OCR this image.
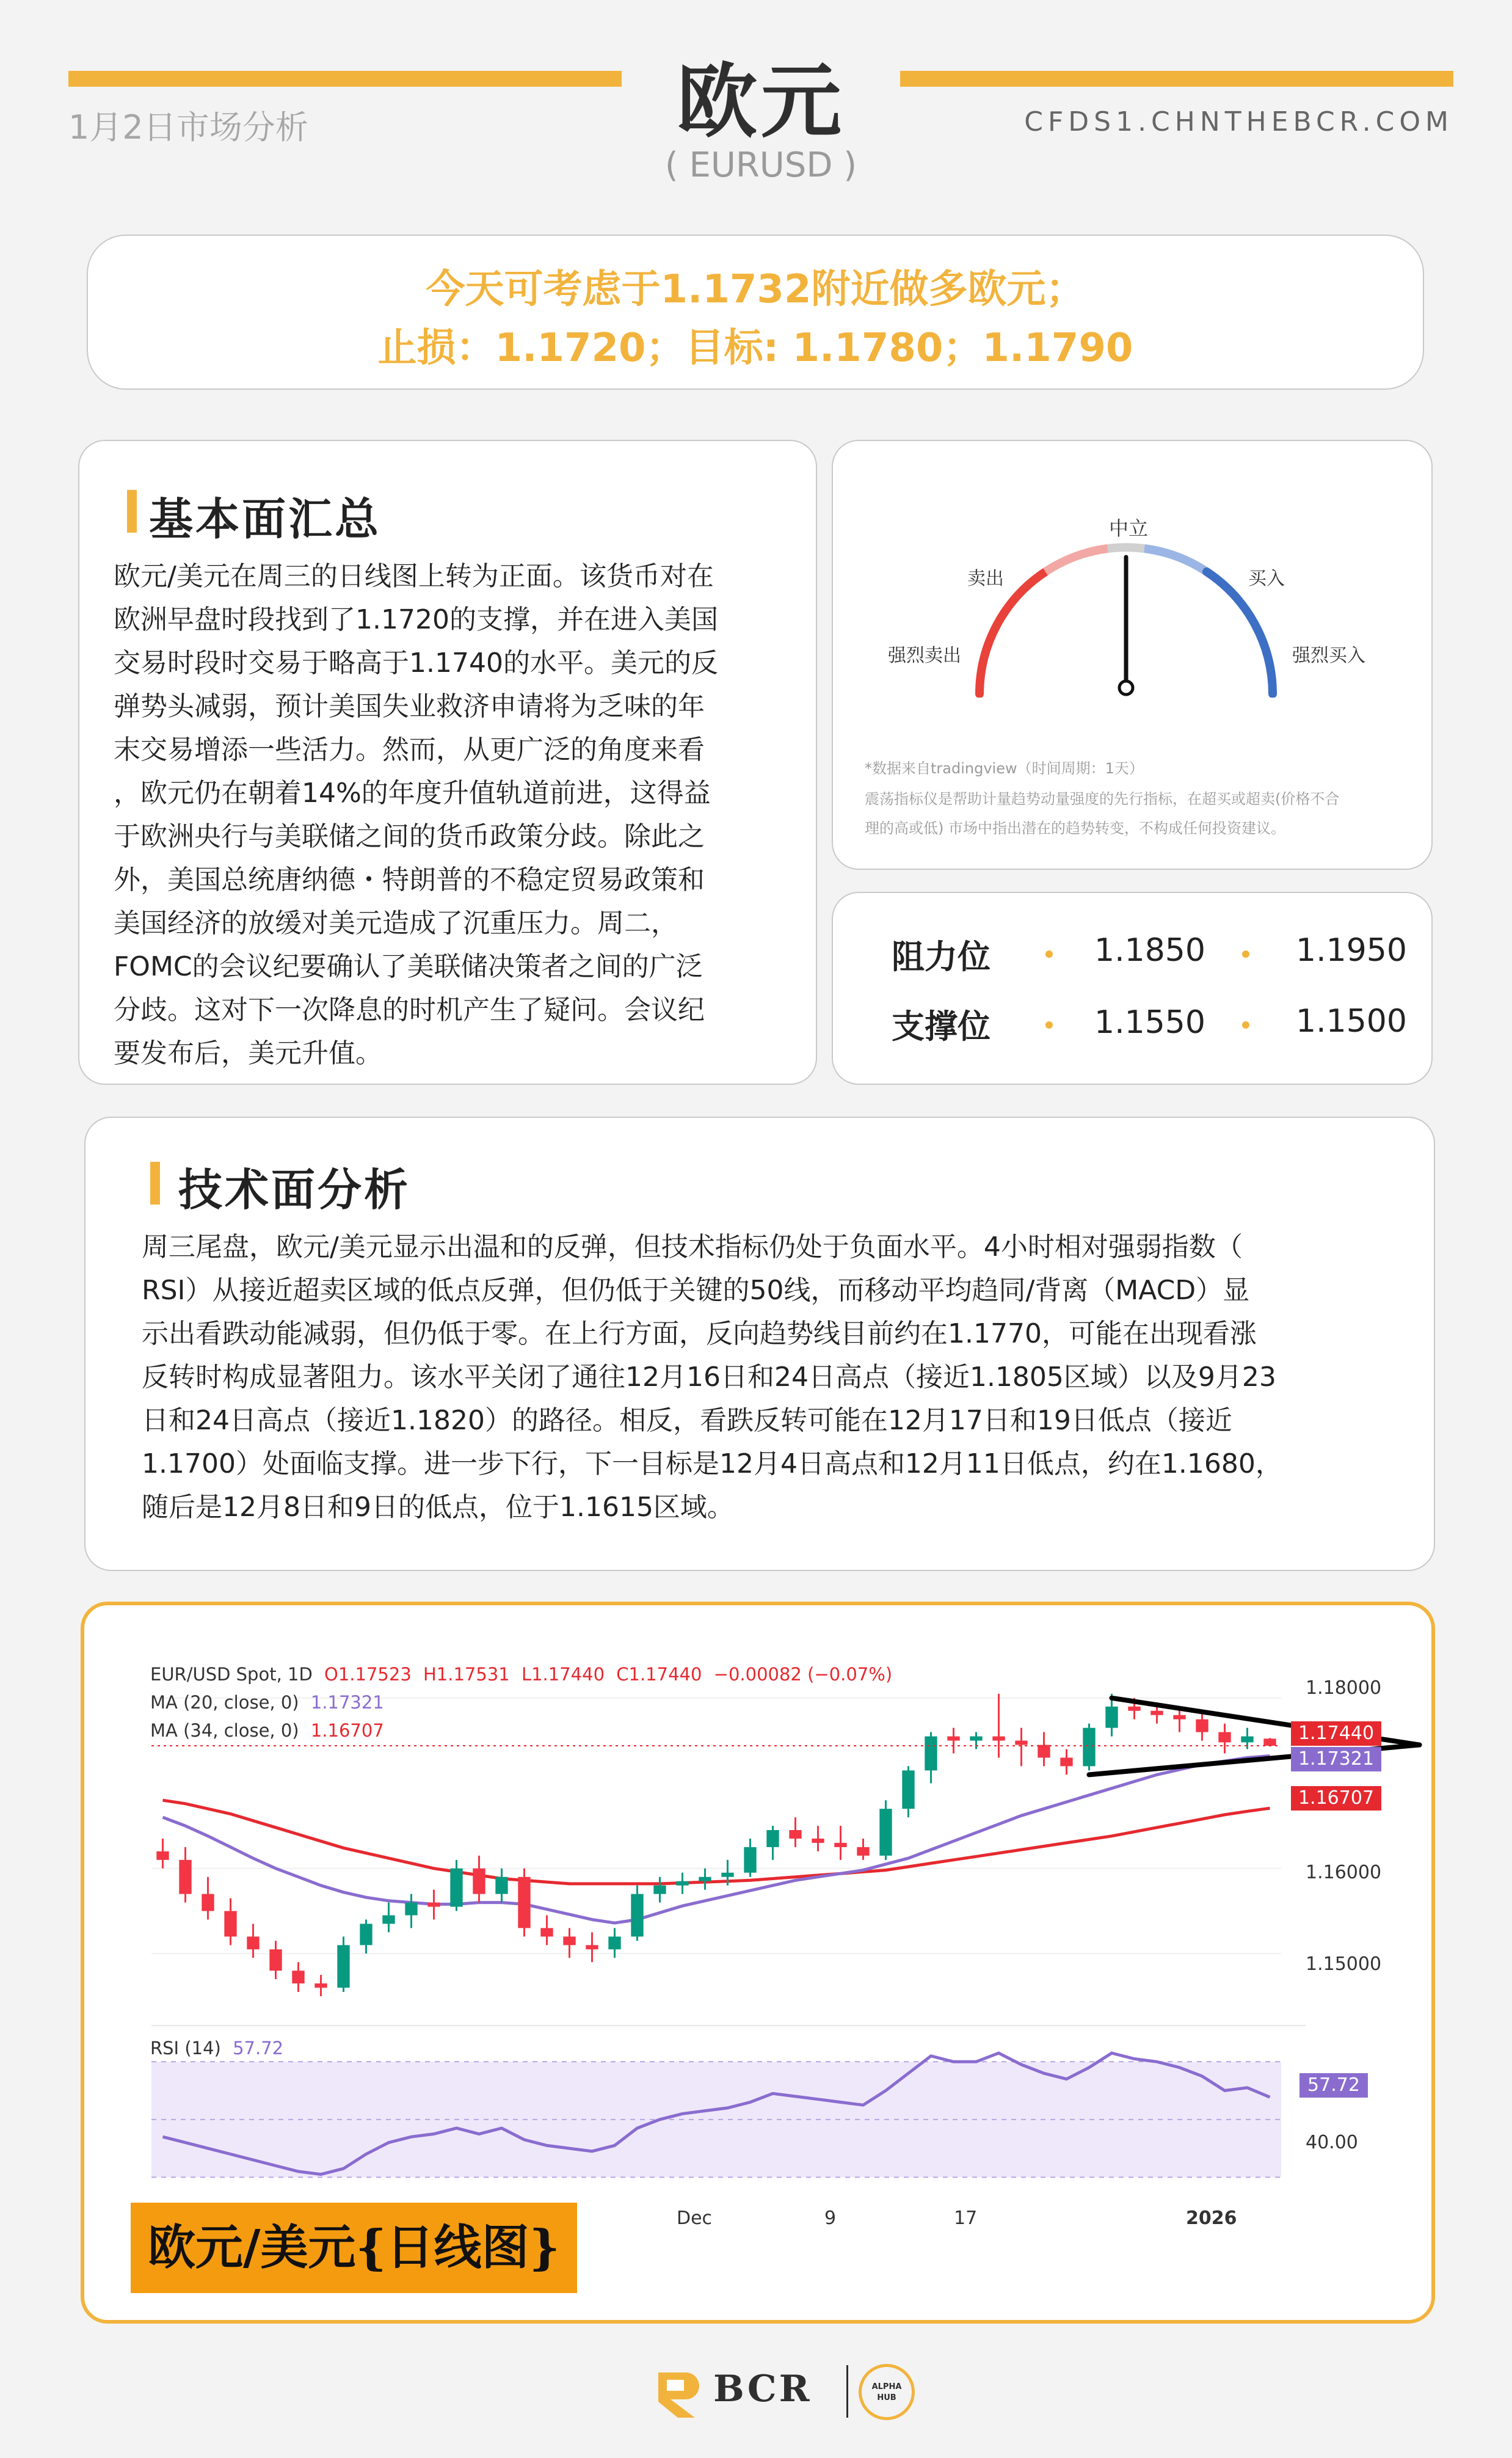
1月2日市场分析	欧元
( EURUSD )
CFDS1.CHNTHEBCR.COM
今天可考虑于1.1732附近做多欧元；
止损：1.1720；目标: 1.1780；1.1790
基本面汇总

欧元/美元在周三的日线图上转为正面。该货币对在

欧洲早盘时段找到了1.1720的支撑，并在进入美国

交易时段时交易于略高于1.1740的水平。美元的反

弹势头减弱，预计美国失业救济申请将为乏味的年

末交易增添一些活力。然而，从更广泛的角度来看

，欧元仍在朝着14%的年度升值轨道前进，这得益

于欧洲央行与美联储之间的货币政策分歧。除此之

外，美国总统唐纳德・特朗普的不稳定贸易政策和

美国经济的放缓对美元造成了沉重压力。周二，

FOMC的会议纪要确认了美联储决策者之间的广泛

分歧。这对下一次降息的时机产生了疑问。会议纪

要发布后，美元升值。

中立
卖出	买入
强烈卖出	强烈买入
*数据来自tradingview（时间周期：1天）
震荡指标仪是帮助计量趋势动量强度的先行指标，在超买或超卖(价格不合
理的高或低) 市场中指出潜在的趋势转变，不构成任何投资建议。
阻力位	1.1850	1.1950
支撑位	1.1550	1.1500
技术面分析

周三尾盘，欧元/美元显示出温和的反弹，但技术指标仍处于负面水平。4小时相对强弱指数（

RSI）从接近超卖区域的低点反弹，但仍低于关键的50线，而移动平均趋同/背离（MACD）显

示出看跌动能减弱，但仍低于零。在上行方面，反向趋势线目前约在1.1770，可能在出现看涨

反转时构成显著阻力。该水平关闭了通往12月16日和24日高点（接近1.1805区域）以及9月23

日和24日高点（接近1.1820）的路径。相反，看跌反转可能在12月17日和19日低点（接近

1.1700）处面临支撑。进一步下行，下一目标是12月4日高点和12月11日低点，约在1.1680，

随后是12月8日和9日的低点，位于1.1615区域。

EUR/USD Spot, 1D O1.17523 H1.17531 L1.17440 C1.17440 −0.00082 (−0.07%)
MA (20, close, 0) 1.17321
MA (34, close, 0) 1.16707
1.18000
1.16000
1.15000
1.17440
1.17321
1.16707
RSI (14) 57.72
57.72
40.00
Dec	9	17	2026
欧元/美元{日线图}
BCR	ALPHA
HUB
